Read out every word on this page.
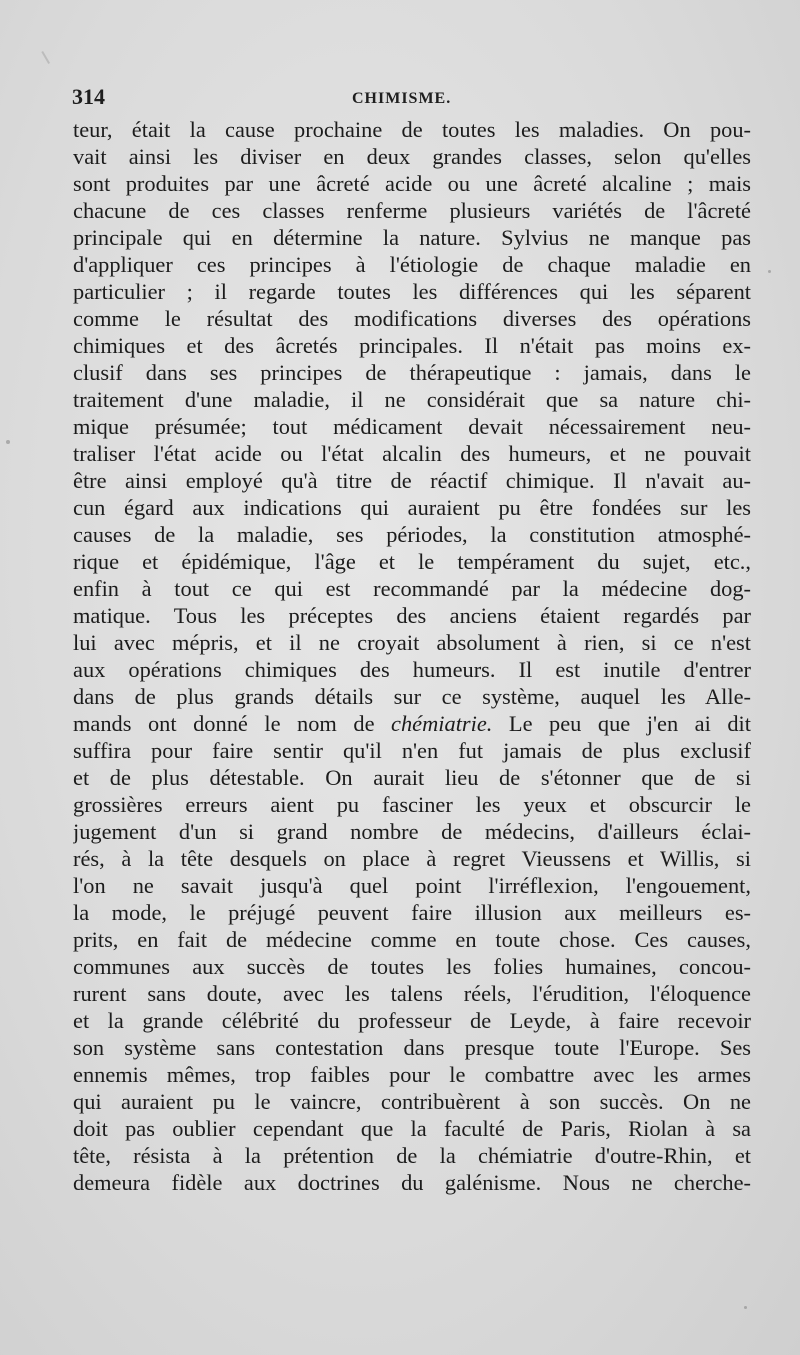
314	CHIMISME.
teur, était la cause prochaine de toutes les maladies. On pou-
vait ainsi les diviser en deux grandes classes, selon qu'elles
sont produites par une âcreté acide ou une âcreté alcaline ; mais
chacune de ces classes renferme plusieurs variétés de l'âcreté
principale qui en détermine la nature. Sylvius ne manque pas
d'appliquer ces principes à l'étiologie de chaque maladie en
particulier ; il regarde toutes les différences qui les séparent
comme le résultat des modifications diverses des opérations
chimiques et des âcretés principales. Il n'était pas moins ex-
clusif dans ses principes de thérapeutique : jamais, dans le
traitement d'une maladie, il ne considérait que sa nature chi-
mique présumée; tout médicament devait nécessairement neu-
traliser l'état acide ou l'état alcalin des humeurs, et ne pouvait
être ainsi employé qu'à titre de réactif chimique. Il n'avait au-
cun égard aux indications qui auraient pu être fondées sur les
causes de la maladie, ses périodes, la constitution atmosphé-
rique et épidémique, l'âge et le tempérament du sujet, etc.,
enfin à tout ce qui est recommandé par la médecine dog-
matique. Tous les préceptes des anciens étaient regardés par
lui avec mépris, et il ne croyait absolument à rien, si ce n'est
aux opérations chimiques des humeurs. Il est inutile d'entrer
dans de plus grands détails sur ce système, auquel les Alle-
mands ont donné le nom de chémiatrie. Le peu que j'en ai dit
suffira pour faire sentir qu'il n'en fut jamais de plus exclusif
et de plus détestable. On aurait lieu de s'étonner que de si
grossières erreurs aient pu fasciner les yeux et obscurcir le
jugement d'un si grand nombre de médecins, d'ailleurs éclai-
rés, à la tête desquels on place à regret Vieussens et Willis, si
l'on ne savait jusqu'à quel point l'irréflexion, l'engouement,
la mode, le préjugé peuvent faire illusion aux meilleurs es-
prits, en fait de médecine comme en toute chose. Ces causes,
communes aux succès de toutes les folies humaines, concou-
rurent sans doute, avec les talens réels, l'érudition, l'éloquence
et la grande célébrité du professeur de Leyde, à faire recevoir
son système sans contestation dans presque toute l'Europe. Ses
ennemis mêmes, trop faibles pour le combattre avec les armes
qui auraient pu le vaincre, contribuèrent à son succès. On ne
doit pas oublier cependant que la faculté de Paris, Riolan à sa
tête, résista à la prétention de la chémiatrie d'outre-Rhin, et
demeura fidèle aux doctrines du galénisme. Nous ne cherche-
